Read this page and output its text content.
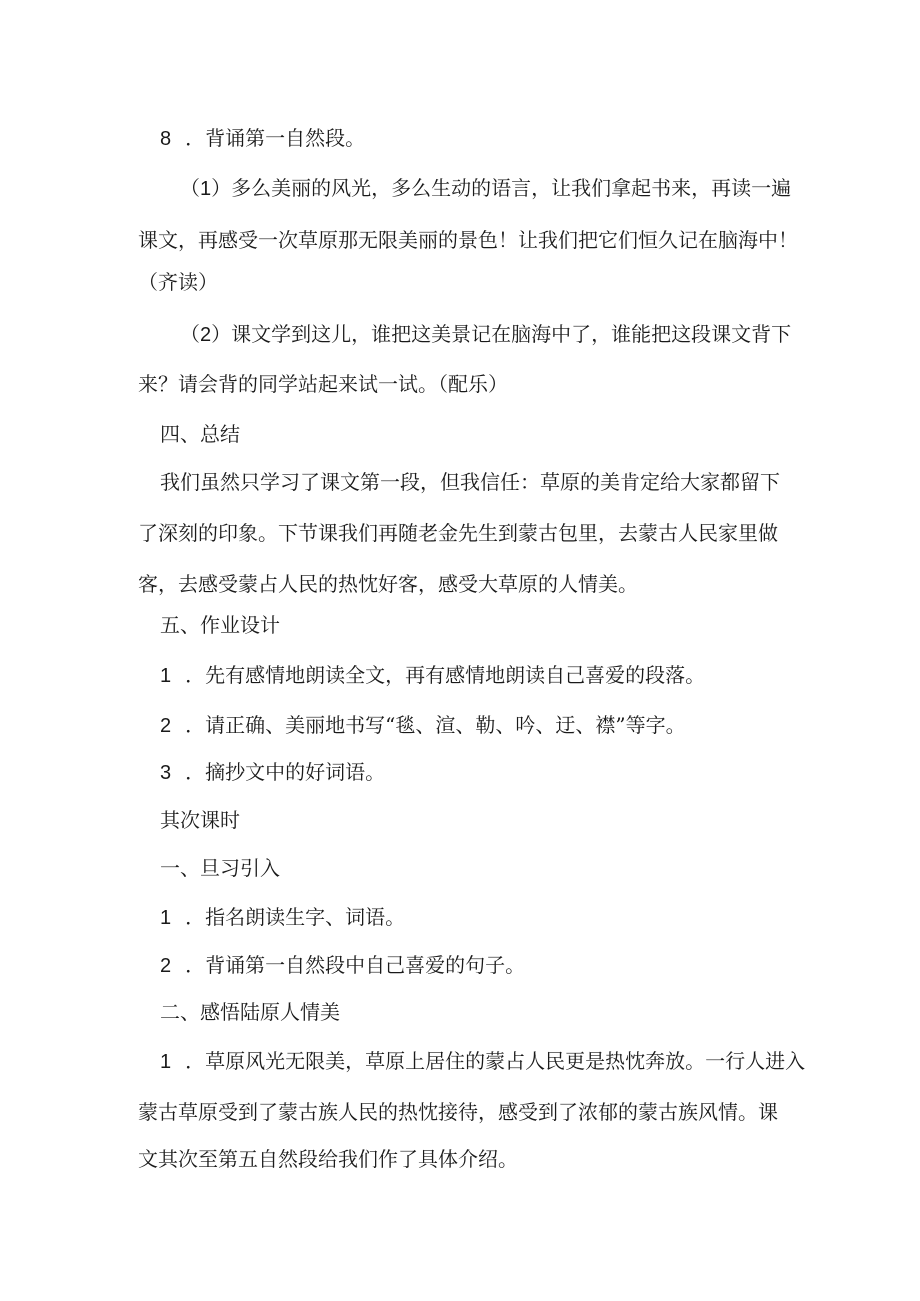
8 ．背诵第一自然段。
（1）多么美丽的风光，多么生动的语言，让我们拿起书来，再读一遍
课文，再感受一次草原那无限美丽的景色！让我们把它们恒久记在脑海中！
（齐读）
（2）课文学到这儿，谁把这美景记在脑海中了，谁能把这段课文背下
来？请会背的同学站起来试一试。（配乐）
四、总结
我们虽然只学习了课文第一段，但我信任：草原的美肯定给大家都留下
了深刻的印象。下节课我们再随老金先生到蒙古包里，去蒙古人民家里做
客，去感受蒙占人民的热忱好客，感受大草原的人情美。
五、作业设计
1 ．先有感情地朗读全文，再有感情地朗读自己喜爱的段落。
2 ．请正确、美丽地书写“毯、渲、勒、吟、迂、襟”等字。
3 ．摘抄文中的好词语。
其次课时
一、旦习引入
1 ．指名朗读生字、词语。
2 ．背诵第一自然段中自己喜爱的句子。
二、感悟陆原人情美
1 ．草原风光无限美，草原上居住的蒙占人民更是热忱奔放。一行人进入
蒙古草原受到了蒙古族人民的热忱接待，感受到了浓郁的蒙古族风情。课
文其次至第五自然段给我们作了具体介绍。
